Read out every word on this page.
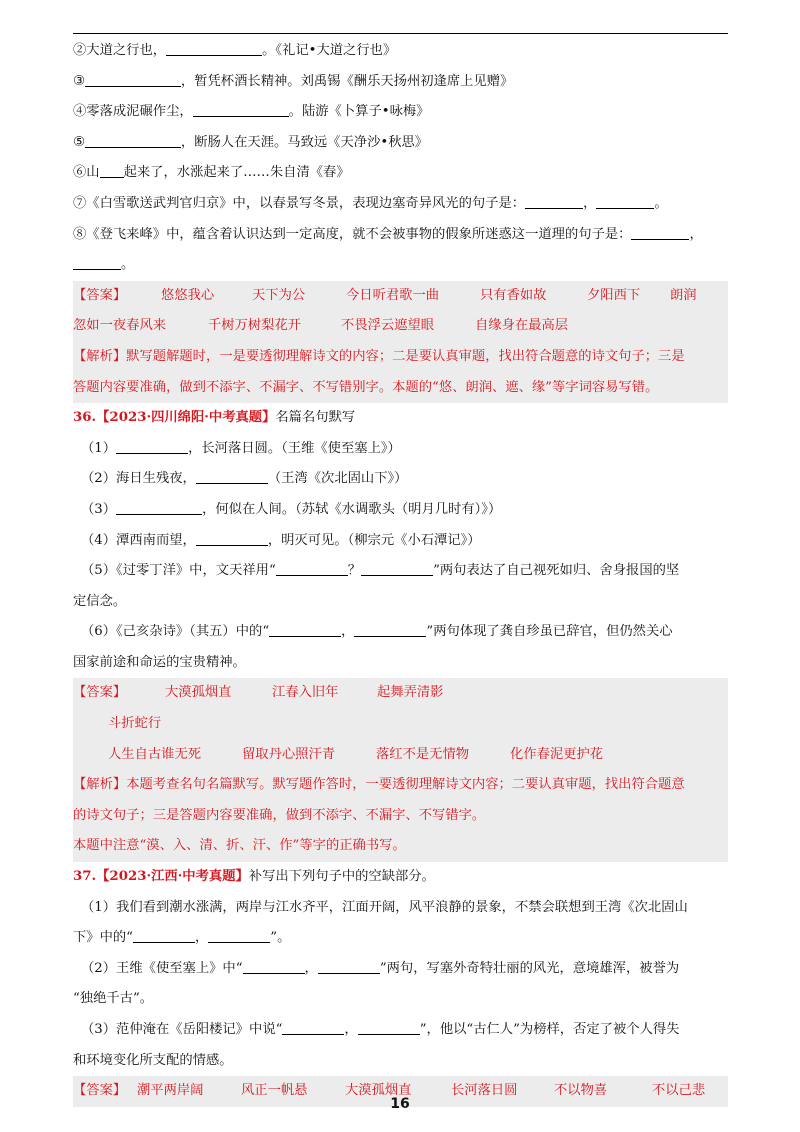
②大道之行也，	。《礼记•大道之行也》
③	，暂凭杯酒长精神。刘禹锡《酬乐天扬州初逢席上见赠》
④零落成泥碾作尘，	。陆游《卜算子•咏梅》
⑤	，断肠人在天涯。马致远《天净沙•秋思》
⑥山 起来了，水涨起来了……朱自清《春》
⑦《白雪歌送武判官归京》中，以春景写冬景，表现边塞奇异风光的句子是：	，	。
⑧《登飞来峰》中，蕴含着认识达到一定高度，就不会被事物的假象所迷惑这一道理的句子是：	，
。
【答案】	悠悠我心	天下为公	今日听君歌一曲	只有香如故	夕阳西下 朗润
忽如一夜春风来	千树万树梨花开	不畏浮云遮望眼	自缘身在最高层
【解析】默写题解题时，一是要透彻理解诗文的内容；二是要认真审题，找出符合题意的诗文句子；三是
答题内容要准确，做到不添字、不漏字、不写错别字。本题的“悠、朗润、遮、缘”等字词容易写错。
36.【2023·四川绵阳·中考真题】名篇名句默写
（1）	，长河落日圆。（王维《使至塞上》）
（2）海日生残夜，	（王湾《次北固山下》）
（3）	，何似在人间。（苏轼《水调歌头（明月几时有）》）
（4）潭西南而望，	，明灭可见。（柳宗元《小石潭记》）
（5）《过零丁洋》中，文天祥用“	？	”两句表达了自己视死如归、舍身报国的坚
定信念。
（6）《己亥杂诗》（其五）中的“	，	”两句体现了龚自珍虽已辞官，但仍然关心
国家前途和命运的宝贵精神。
【答案】	大漠孤烟直	江春入旧年	起舞弄清影
斗折蛇行
人生自古谁无死	留取丹心照汗青	落红不是无情物	化作春泥更护花
【解析】本题考查名句名篇默写。默写题作答时，一要透彻理解诗文内容；二要认真审题，找出符合题意
的诗文句子；三是答题内容要准确，做到不添字、不漏字、不写错字。
本题中注意“漠、入、清、折、汗、作”等字的正确书写。
37.【2023·江西·中考真题】补写出下列句子中的空缺部分。
（1）我们看到潮水涨满，两岸与江水齐平，江面开阔，风平浪静的景象，不禁会联想到王湾《次北固山
下》中的“	，	”。
（2）王维《使至塞上》中“	，	”两句，写塞外奇特壮丽的风光，意境雄浑，被誉为
“独绝千古”。
（3）范仲淹在《岳阳楼记》中说“	，	”，他以“古仁人”为榜样，否定了被个人得失
和环境变化所支配的情感。
【答案】 潮平两岸阔	风正一帆悬	大漠孤烟直	长河落日圆	不以物喜	不以己悲
16
